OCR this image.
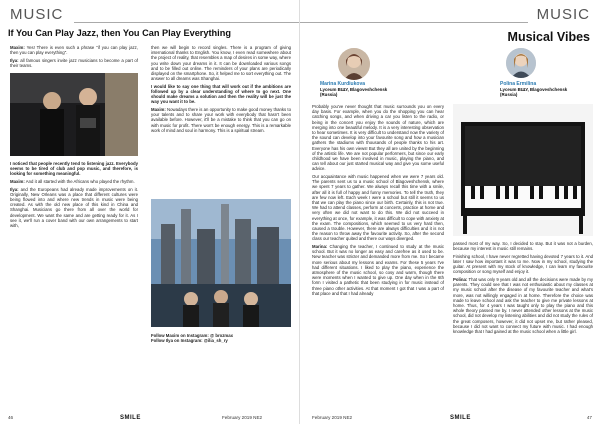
MUSIC
If You Can Play Jazz, then You Can Play Everything

Maxim: Yes! There is even such a phrase "if you can play jazz, then you can play everything".

Ilya: all famous singers invite jazz musicians to become a part of their teams.

I noticed that people recently tend to listening jazz. Everybody seems to be tired of club and pop music, and therefore, is looking for something meaningful.

Maxim: And it all started with the Africans who played the rhythm.

Ilya: and the Europeans had already made improvements on it. Originally, New Orleans was a place that different cultures were being flowed into and where new trends in music were being created. As with the old new place of this kind in China and Shanghai. Musicians go there from all over the world for development. We want the same and are getting ready for it. As I see it, we'll run a cover band with our own arrangements to start with,

then we will begin to record singles. There is a program of giving international thanks to English. You know, I even read somewhere about the project of reality, that resembles a map of desires in some way, where you write down your dreams in it. It can be downloaded various songs and to be filled out online. The reminders of your plans are periodically displayed on the smartphone. So, it helped me to sort everything out. The answer to all dreams was Shanghai.

I would like to say one thing that will work out if the ambitions are followed up by a clear understanding of where to go next. One should make dreams a solution and then the reality will be just the way you want it to be.

Maxim: Nowadays there is an opportunity to make good money thanks to your talents and to share your work with everybody that hasn't been available before. However, it'll be a mistake to think that you can go on with music for profit. There won't be enough energy. This is a remarkable work of mind and soul in harmony. This is a spiritual stream.

Follow Maxim on Instagram: @ brozmax
Follow Ilya on Instagram: @ilia_sh_ry
46	SMILE	February 2019 NE2
MUSIC
Musical Vibes
Marina Kurdiukova
Lyceum ВШУ, Blagoveshchensk (Russia)
Polina Ermilina
Lyceum ВШУ, Blagoveshchensk (Russia)

Probably you've never thought that music surrounds you on every day basis. For example, when you do the shopping you can hear catching songs, and when driving a car you listen to the radio, or being in the concert you enjoy the sounds of nature, which are merging into one beautiful melody. It is a very interesting observation to hear sometimes. It is very difficult to understand now the variety of the sound can develop into your favourite song and how a musician gathers the stadiums with thousands of people thanks to his art. Everyone has his own views! But they all are united by the beginning of the artistic life. We are not popular performers, but since our early childhood we have been involved in music, playing the piano, and can tell about our just started musical way and give you some useful advice.

Our acquaintance with music happened when we were 7 years old. The parents sent us to a music school of Blagoveshchensk, where we spent 7 years to gather. We always recall this time with a smile, after all it is full of happy and funny memories. To tell the truth, they are few now left. Each week I were a school but still it seems to us that we can play the piano since our birth. Certainly, this is not true. We had to attend classes, perform at concerts, practice at home and very often we did not want to do this. We did not succeed in everything at once, for example, it was difficult to cope with anxiety at the exam. The compositions, which seemed to us very hard then, caused a trouble. However, there are always difficulties and it is not the reason to throw away the favourite activity. So, after the second class our teacher quited and there our ways diverged.

Marina: Changing the teacher, I continued to study at the music school. But it was no longer as easy and carefree as it used to be. New teacher was stricter and demanded more from me. So I became more serious about my lessons and exams. For these 5 years I've had different situations. I liked to play the piano, experience the atmosphere of the music school, so cosy and warm, though there were moments when I wanted to give up. One day when in the 6th form I visited a pathetic that been studying in for music instead of three piano other activities. At that moment I got that I was a part of that place and that I had already

passed most of my way. So, I decided to stay. But it was not a burden, because my interest in music still remains.

Finishing school, I have never regretted having devoted 7 years to it. And later I saw how important it was to me. Now in my school, studying the guitar. At present with my stock of knowledge, I can learn my favourite composition or song myself and enjoy it.

Polina: That was only 9 years old and all the decisions were made by my parents. They could see that I was not enthusiastic about my classes at my music school after the disease of my favourite teacher and what's more, was not willingly engaged in at home. Therefore the choice was made to leave school and ask the teacher to give me private lessons at home. Thus, for 4 years I was taught only to play the piano and this whole theory passed me by. I never attended other lessons at the music school, did not develop my listening abilities and did not study the rules of the great composers, however, it did not upset me, but rather pleased, because I did not want to connect my future with music. I had enough knowledge that I had gained at the music school when a little girl.

February 2019 NE2	SMILE	47
